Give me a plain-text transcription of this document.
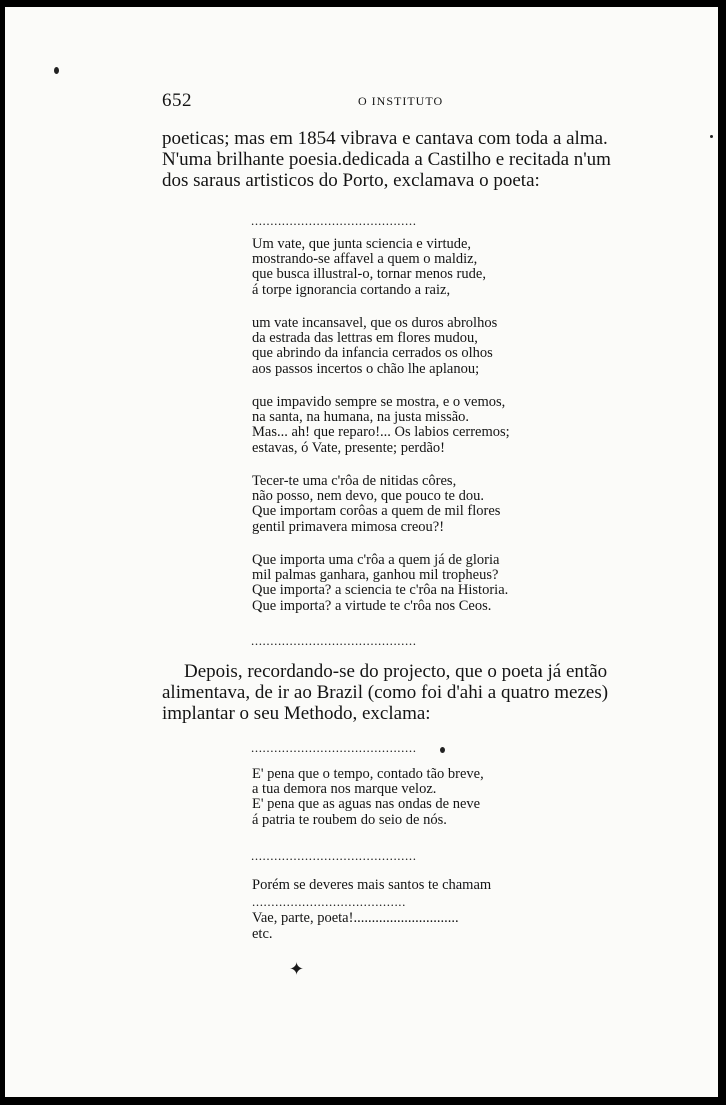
652	O INSTITUTO

poeticas; mas em 1854 vibrava e cantava com toda a alma.
N'uma brilhante poesia.dedicada a Castilho e recitada n'um
dos saraus artisticos do Porto, exclamava o poeta:

...........................................

Um vate, que junta sciencia e virtude,
mostrando-se affavel a quem o maldiz,
que busca illustral-o, tornar menos rude,
á torpe ignorancia cortando a raiz,

um vate incansavel, que os duros abrolhos
da estrada das lettras em flores mudou,
que abrindo da infancia cerrados os olhos
aos passos incertos o chão lhe aplanou;

que impavido sempre se mostra, e o vemos,
na santa, na humana, na justa missão.
Mas... ah! que reparo!... Os labios cerremos;
estavas, ó Vate, presente; perdão!

Tecer-te uma c'rôa de nitidas côres,
não posso, nem devo, que pouco te dou.
Que importam corôas a quem de mil flores
gentil primavera mimosa creou?!

Que importa uma c'rôa a quem já de gloria
mil palmas ganhara, ganhou mil tropheus?
Que importa? a sciencia te c'rôa na Historia.
Que importa? a virtude te c'rôa nos Ceos.

...........................................

Depois, recordando-se do projecto, que o poeta já então
alimentava, de ir ao Brazil (como foi d'ahi a quatro mezes)
implantar o seu Methodo, exclama:

...........................................

E' pena que o tempo, contado tão breve,
a tua demora nos marque veloz.
E' pena que as aguas nas ondas de neve
á patria te roubem do seio de nós.

...........................................
Porém se deveres mais santos te chamam
........................................
Vae, parte, poeta!.............................
etc.
✦
